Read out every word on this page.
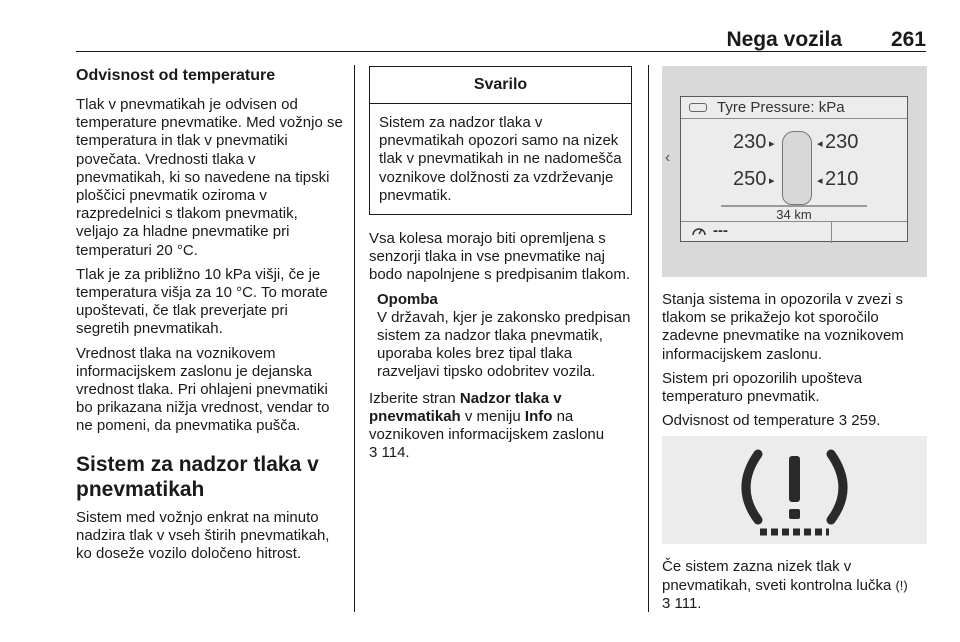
Nega vozila 261
Odvisnost od temperature

Tlak v pnevmatikah je odvisen od temperature pnevmatike. Med vožnjo se temperatura in tlak v pnevmatiki povečata. Vrednosti tlaka v pnevmatikah, ki so navedene na tipski ploščici pnevmatik oziroma v razpredelnici s tlakom pnevmatik, veljajo za hladne pnevmatike pri temperaturi 20 °C.

Tlak je za približno 10 kPa višji, če je temperatura višja za 10 °C. To morate upoštevati, če tlak preverjate pri segretih pnevmatikah.

Vrednost tlaka na voznikovem informacijskem zaslonu je dejanska vrednost tlaka. Pri ohlajeni pnevmatiki bo prikazana nižja vrednost, vendar to ne pomeni, da pnevmatika pušča.

Sistem za nadzor tlaka v pnevmatikah

Sistem med vožnjo enkrat na minuto nadzira tlak v vseh štirih pnevmatikah, ko doseže vozilo določeno hitrost.

Svarilo
Sistem za nadzor tlaka v pnevmatikah opozori samo na nizek tlak v pnevmatikah in ne nadomešča voznikove dolžnosti za vzdrževanje pnevmatik.

Vsa kolesa morajo biti opremljena s senzorji tlaka in vse pnevmatike naj bodo napolnjene s predpisanim tlakom.

Opomba
V državah, kjer je zakonsko predpisan sistem za nadzor tlaka pnevmatik, uporaba koles brez tipal tlaka razveljavi tipsko odobritev vozila.

Izberite stran Nadzor tlaka v pnevmatikah v meniju Info na voznikoven informacijskem zaslonu
3 114.

‹
Tyre Pressure: kPa
230 ▸	◂ 230
250 ▸	◂ 210
34 km
---

Stanja sistema in opozorila v zvezi s tlakom se prikažejo kot sporočilo zadevne pnevmatike na voznikovem informacijskem zaslonu.

Sistem pri opozorilih upošteva temperaturo pnevmatik.

Odvisnost od temperature 3 259.

Če sistem zazna nizek tlak v pnevmatikah, sveti kontrolna lučka (!)
3 111.
